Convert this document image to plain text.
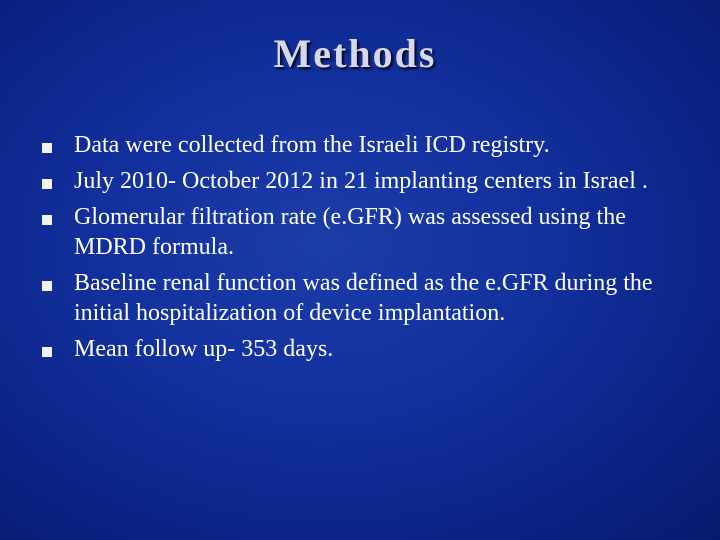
Methods
Data were collected from the Israeli ICD registry.
July 2010- October 2012 in 21 implanting centers in Israel .
Glomerular filtration rate (e.GFR) was assessed using the MDRD formula.
Baseline renal function was defined as the e.GFR during the initial hospitalization of device implantation.
Mean follow up- 353 days.
